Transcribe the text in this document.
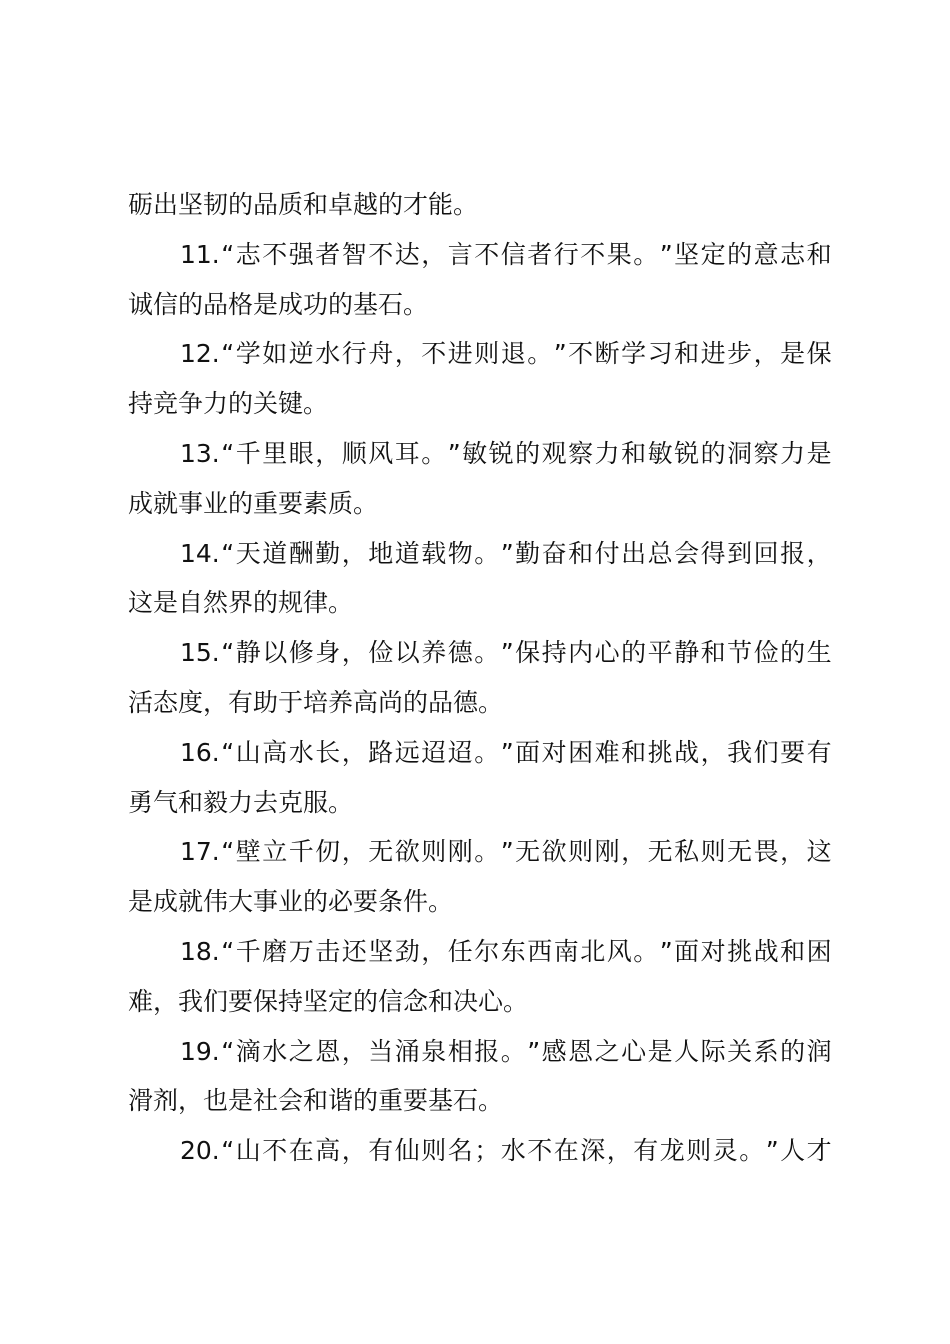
砺出坚韧的品质和卓越的才能。
11. “ 志 不 强 者 智 不 达 ， 言 不 信 者 行 不 果 。 ” 坚 定 的 意 志 和
诚信的品格是成功的基石。
12. “ 学 如 逆 水 行 舟 ， 不 进 则 退 。 ” 不 断 学 习 和 进 步 ， 是 保
持竞争力的关键。
13. “ 千 里 眼 ， 顺 风 耳 。 ” 敏 锐 的 观 察 力 和 敏 锐 的 洞 察 力 是
成就事业的重要素质。
14. “ 天 道 酬 勤 ， 地 道 载 物 。 ” 勤 奋 和 付 出 总 会 得 到 回 报 ，
这是自然界的规律。
15. “ 静 以 修 身 ， 俭 以 养 德 。 ” 保 持 内 心 的 平 静 和 节 俭 的 生
活态度，有助于培养高尚的品德。
16. “ 山 高 水 长 ， 路 远 迢 迢 。 ” 面 对 困 难 和 挑 战 ， 我 们 要 有
勇气和毅力去克服。
17. “ 壁 立 千 仞 ， 无 欲 则 刚 。 ” 无 欲 则 刚 ， 无 私 则 无 畏 ， 这
是成就伟大事业的必要条件。
18. “ 千 磨 万 击 还 坚 劲 ， 任 尔 东 西 南 北 风 。 ” 面 对 挑 战 和 困
难，我们要保持坚定的信念和决心。
19. “ 滴 水 之 恩 ， 当 涌 泉 相 报 。 ” 感 恩 之 心 是 人 际 关 系 的 润
滑剂，也是社会和谐的重要基石。
20. “ 山 不 在 高 ， 有 仙 则 名 ； 水 不 在 深 ， 有 龙 则 灵 。 ” 人 才
